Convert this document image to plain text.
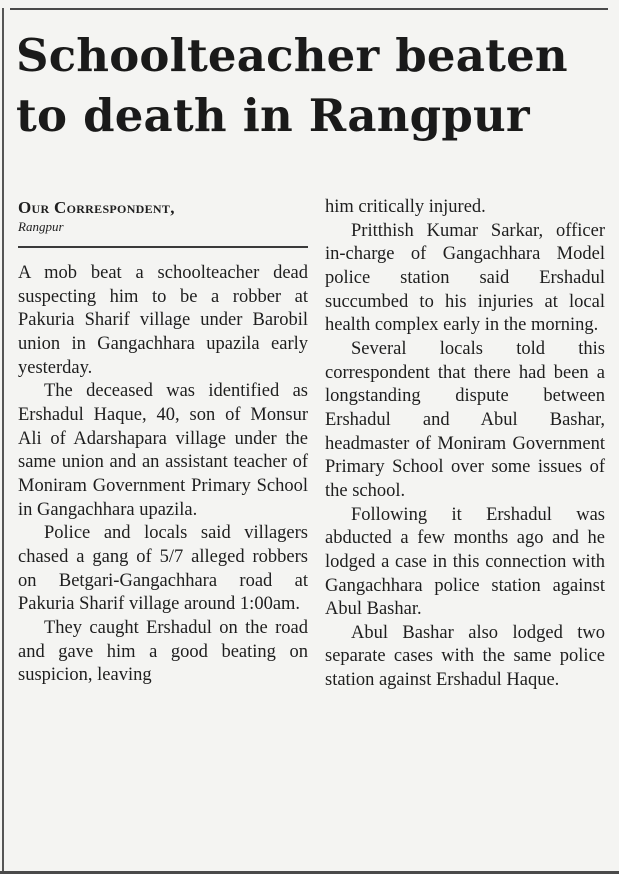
Schoolteacher beaten
to death in Rangpur
Our Correspondent,
Rangpur

A mob beat a schoolteacher dead suspecting him to be a robber at Pakuria Sharif village under Barobil union in Gangachhara upazila early yesterday.

The deceased was identified as Ershadul Haque, 40, son of Monsur Ali of Adarshapara village under the same union and an assistant teacher of Moniram Government Primary School in Gangachhara upazila.

Police and locals said villagers chased a gang of 5/7 alleged robbers on Betgari-Gangachhara road at Pakuria Sharif village around 1:00am.

They caught Ershadul on the road and gave him a good beating on suspicion, leaving

him critically injured.

Pritthish Kumar Sarkar, officer in-charge of Gangachhara Model police station said Ershadul succumbed to his injuries at local health complex early in the morning.

Several locals told this correspondent that there had been a longstanding dispute between Ershadul and Abul Bashar, headmaster of Moniram Government Primary School over some issues of the school.

Following it Ershadul was abducted a few months ago and he lodged a case in this connection with Gangachhara police station against Abul Bashar.

Abul Bashar also lodged two separate cases with the same police station against Ershadul Haque.
